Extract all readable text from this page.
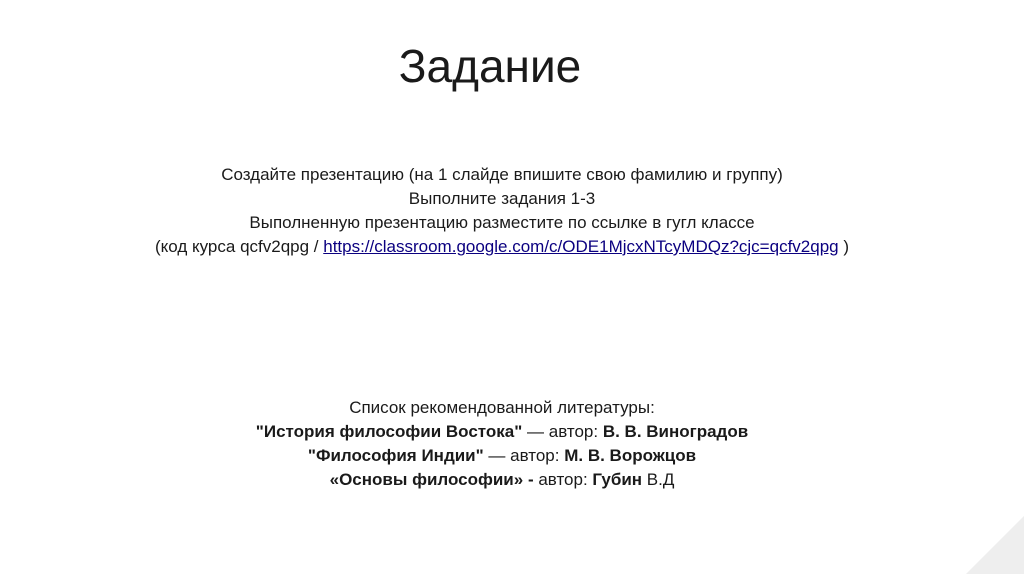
Задание
Создайте презентацию (на 1 слайде впишите свою фамилию и группу)
Выполните задания 1-3
Выполненную презентацию разместите по ссылке в гугл классе
(код курса qcfv2qpg / https://classroom.google.com/c/ODE1MjcxNTcyMDQz?cjc=qcfv2qpg )
Список рекомендованной литературы:
"История философии Востока" — автор: В. В. Виноградов
"Философия Индии" — автор: М. В. Ворожцов
«Основы философии» - автор: Губин В.Д
